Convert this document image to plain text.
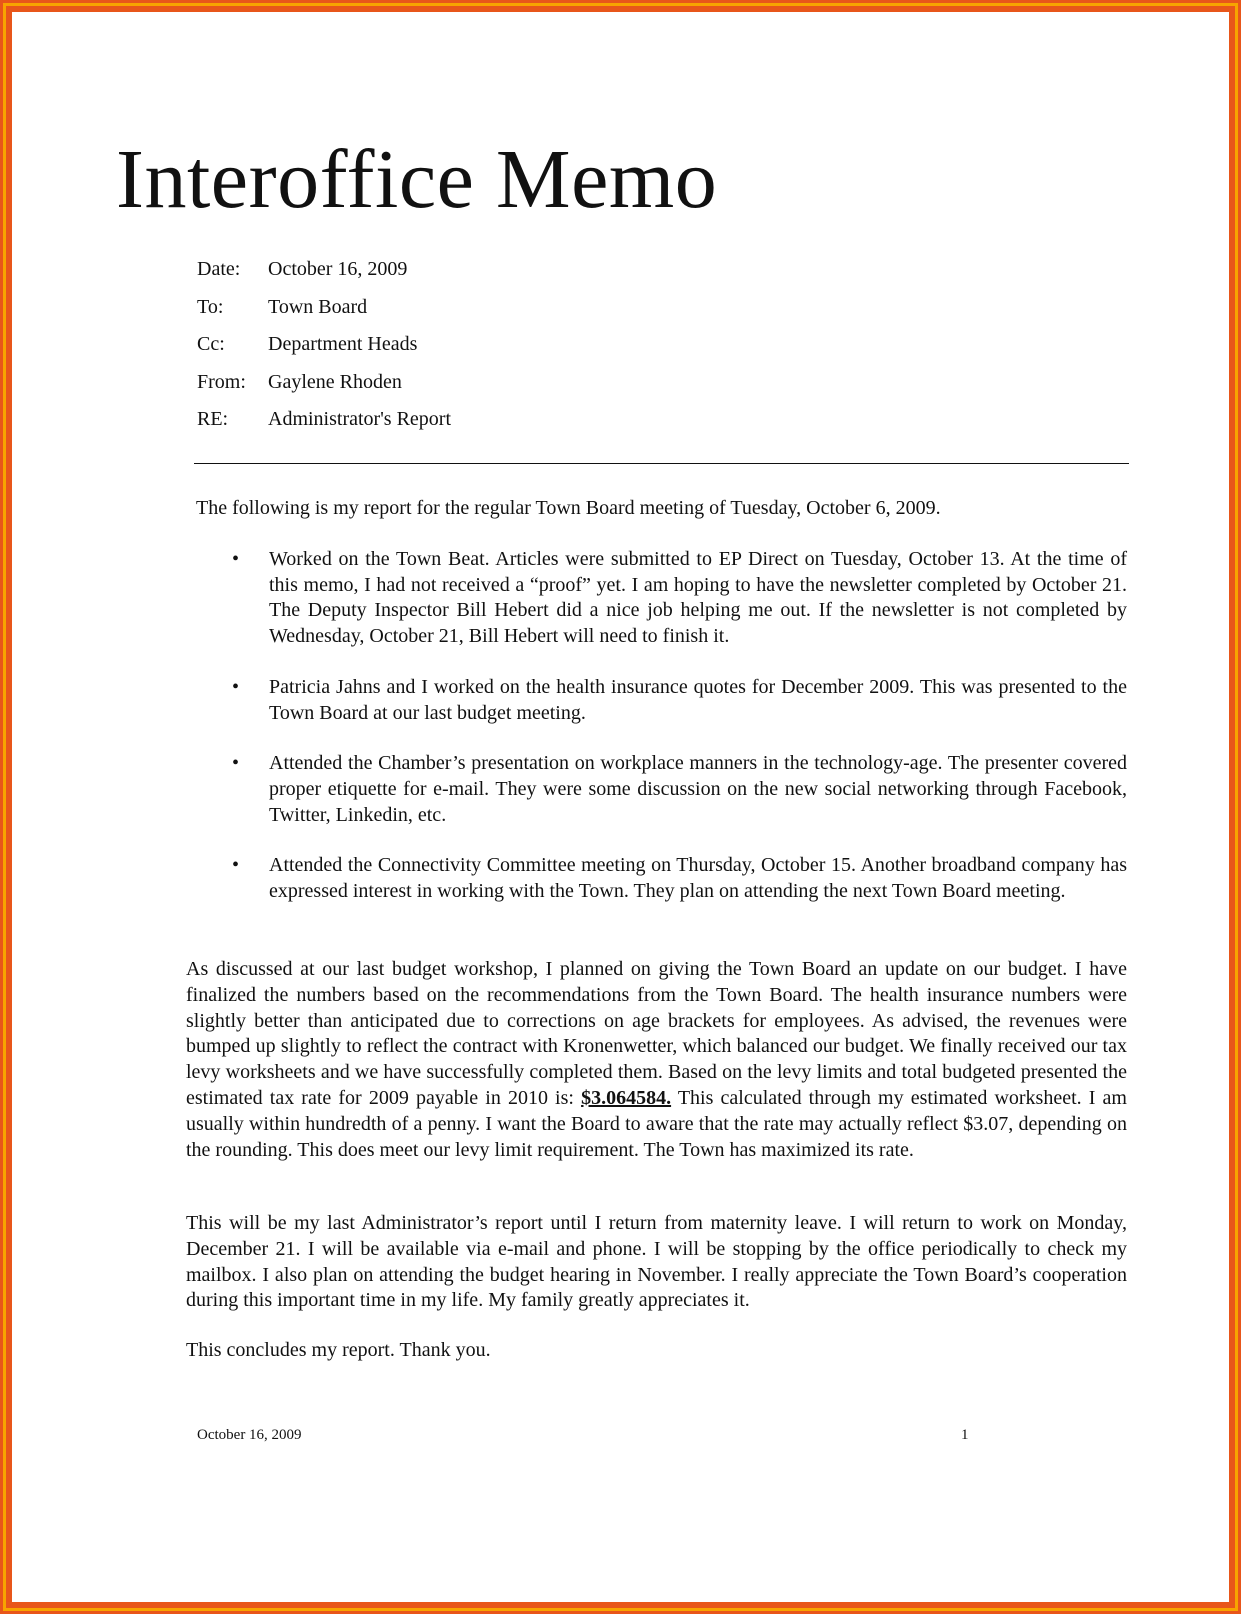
Interoffice Memo
Date:	October 16, 2009
To:	Town Board
Cc:	Department Heads
From:	Gaylene Rhoden
RE:	Administrator's Report
The following is my report for the regular Town Board meeting of Tuesday, October 6, 2009.
•	Worked on the Town Beat. Articles were submitted to EP Direct on Tuesday, October 13. At the time of this memo, I had not received a “proof” yet. I am hoping to have the newsletter completed by October 21. The Deputy Inspector Bill Hebert did a nice job helping me out. If the newsletter is not completed by Wednesday, October 21, Bill Hebert will need to finish it.
•	Patricia Jahns and I worked on the health insurance quotes for December 2009. This was presented to the Town Board at our last budget meeting.
•	Attended the Chamber’s presentation on workplace manners in the technology-age. The presenter covered proper etiquette for e-mail. They were some discussion on the new social networking through Facebook, Twitter, Linkedin, etc.
•	Attended the Connectivity Committee meeting on Thursday, October 15. Another broadband company has expressed interest in working with the Town. They plan on attending the next Town Board meeting.
As discussed at our last budget workshop, I planned on giving the Town Board an update on our budget. I have finalized the numbers based on the recommendations from the Town Board. The health insurance numbers were slightly better than anticipated due to corrections on age brackets for employees. As advised, the revenues were bumped up slightly to reflect the contract with Kronenwetter, which balanced our budget. We finally received our tax levy worksheets and we have successfully completed them. Based on the levy limits and total budgeted presented the estimated tax rate for 2009 payable in 2010 is: $3.064584. This calculated through my estimated worksheet. I am usually within hundredth of a penny. I want the Board to aware that the rate may actually reflect $3.07, depending on the rounding. This does meet our levy limit requirement. The Town has maximized its rate.
This will be my last Administrator’s report until I return from maternity leave. I will return to work on Monday, December 21. I will be available via e-mail and phone. I will be stopping by the office periodically to check my mailbox. I also plan on attending the budget hearing in November. I really appreciate the Town Board’s cooperation during this important time in my life. My family greatly appreciates it.
This concludes my report. Thank you.
October 16, 2009	1
